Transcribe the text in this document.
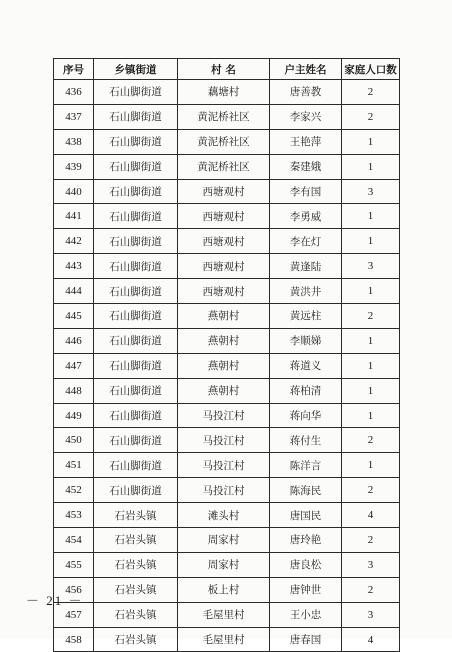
序号	乡镇街道	村 名	户主姓名	家庭人口数
436	石山脚街道	藕塘村	唐善教	2
437	石山脚街道	黄泥桥社区	李家兴	2
438	石山脚街道	黄泥桥社区	王艳萍	1
439	石山脚街道	黄泥桥社区	秦建娥	1
440	石山脚街道	西塘观村	李有国	3
441	石山脚街道	西塘观村	李勇威	1
442	石山脚街道	西塘观村	李在灯	1
443	石山脚街道	西塘观村	黄逢陆	3
444	石山脚街道	西塘观村	黄洪井	1
445	石山脚街道	燕朝村	黄远柱	2
446	石山脚街道	燕朝村	李顺娣	1
447	石山脚街道	燕朝村	蒋道义	1
448	石山脚街道	燕朝村	蒋柏清	1
449	石山脚街道	马投江村	蒋向华	1
450	石山脚街道	马投江村	蒋付生	2
451	石山脚街道	马投江村	陈洋言	1
452	石山脚街道	马投江村	陈海民	2
453	石岩头镇	滩头村	唐国民	4
454	石岩头镇	周家村	唐玲艳	2
455	石岩头镇	周家村	唐良松	3
456	石岩头镇	板上村	唐钟世	2
457	石岩头镇	毛屋里村	王小忠	3
458	石岩头镇	毛屋里村	唐春国	4
－ 21 －
